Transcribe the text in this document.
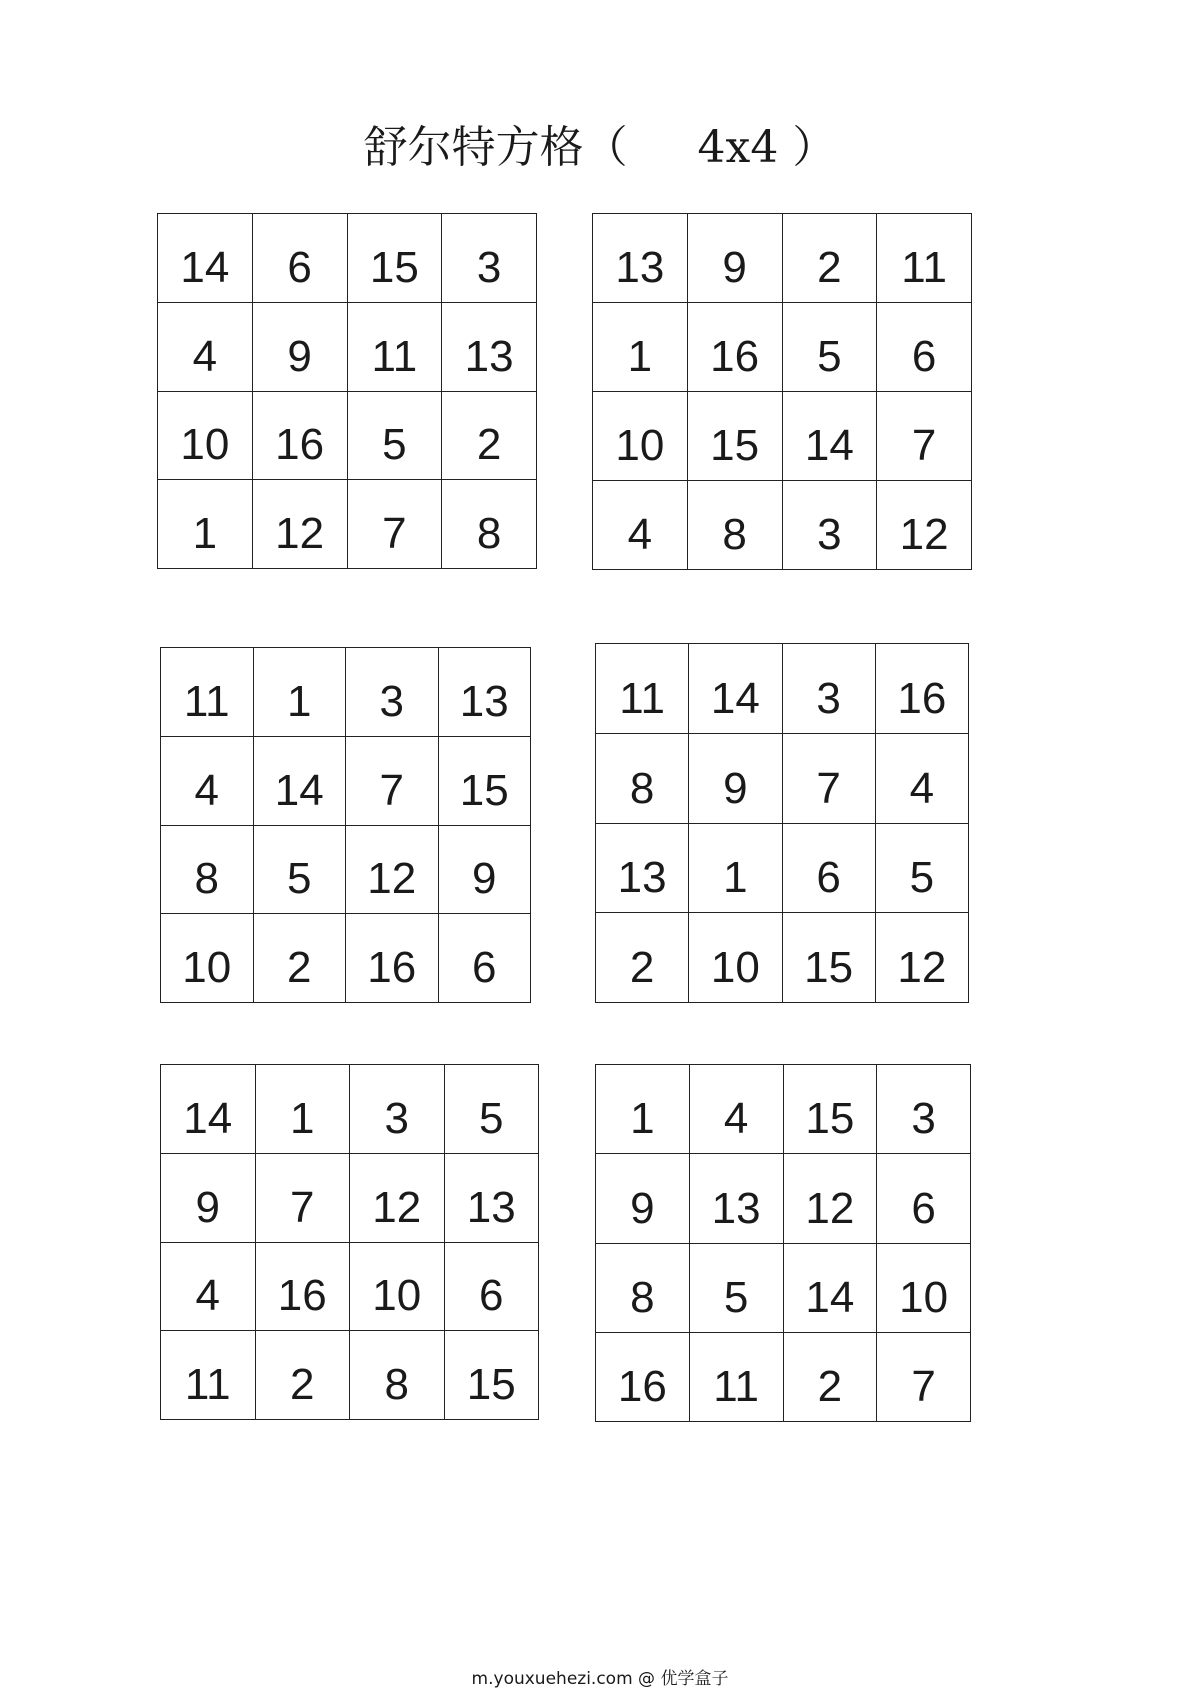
舒尔特方格（     4x4 ）
14	6	15	3
4	9	11	13
10	16	5	2
1	12	7	8
13	9	2	11
1	16	5	6
10	15	14	7
4	8	3	12
11	1	3	13
4	14	7	15
8	5	12	9
10	2	16	6
11	14	3	16
8	9	7	4
13	1	6	5
2	10	15	12
14	1	3	5
9	7	12	13
4	16	10	6
11	2	8	15
1	4	15	3
9	13	12	6
8	5	14	10
16	11	2	7
m.youxuehezi.com @ 优学盒子
